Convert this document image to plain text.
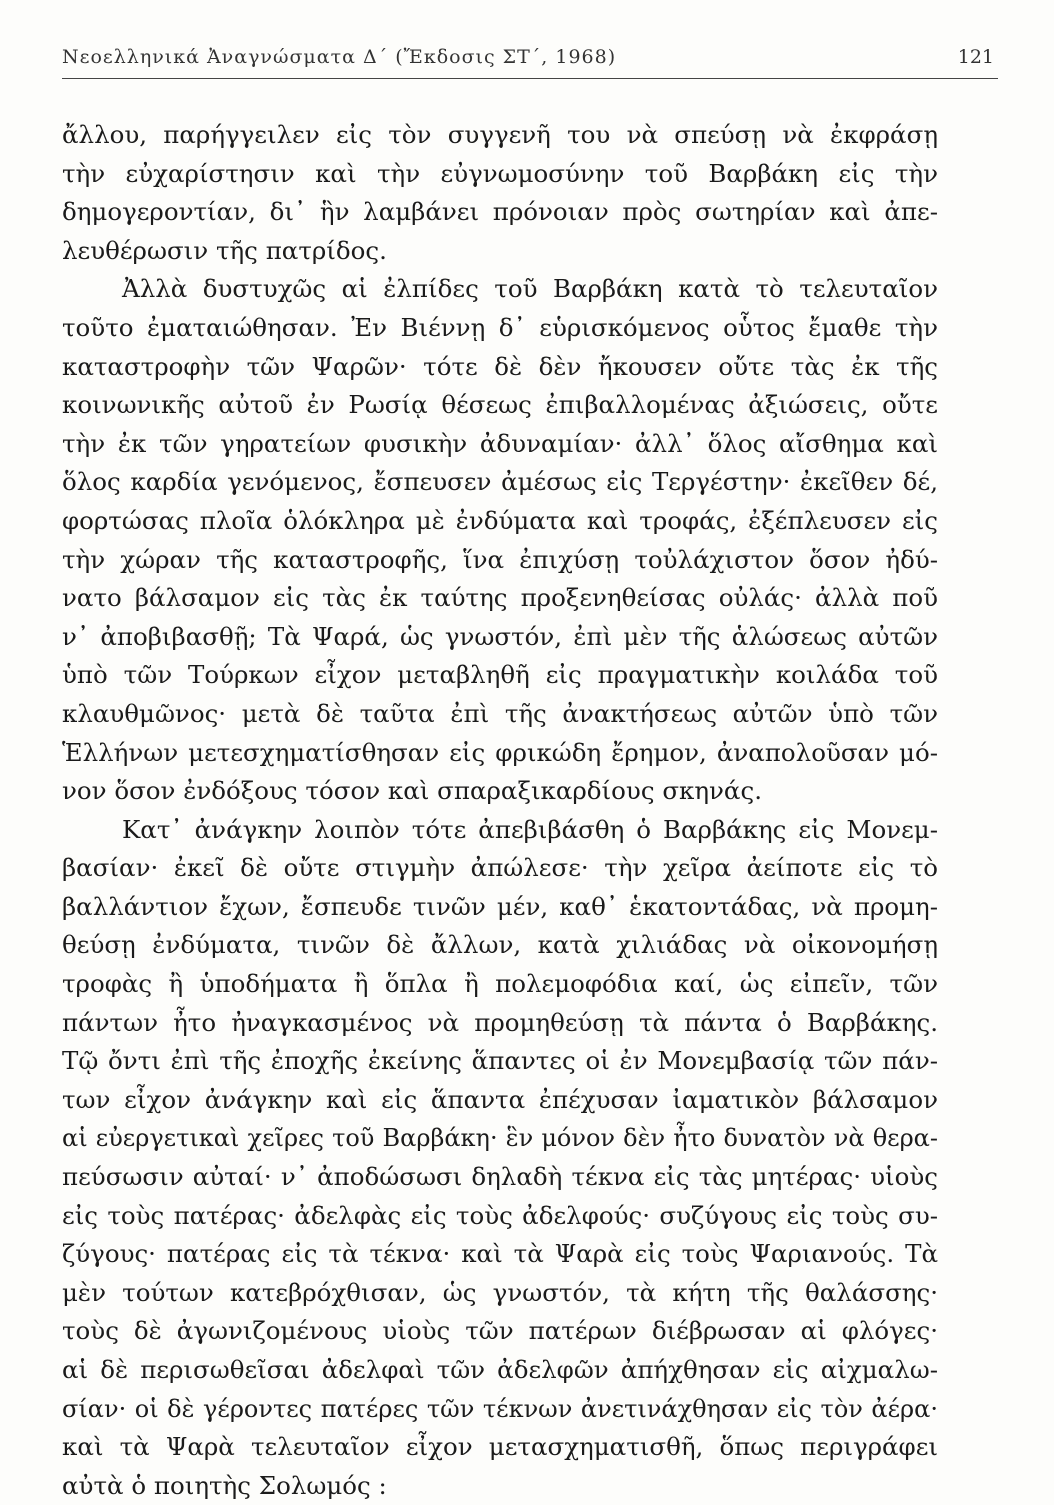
Νεοελληνικά Ἀναγνώσματα Δ΄ (Ἔκδοσις ΣΤ΄, 1968)	121
ἄλλου, παρήγγειλεν εἰς τὸν συγγενῆ του νὰ σπεύσῃ νὰ ἐκφράσῃ
τὴν εὐχαρίστησιν καὶ τὴν εὐγνωμοσύνην τοῦ Βαρβάκη εἰς τὴν
δημογεροντίαν, δι᾽ ἣν λαμβάνει πρόνοιαν πρὸς σωτηρίαν καὶ ἀπε-
λευθέρωσιν τῆς πατρίδος.
Ἀλλὰ δυστυχῶς αἱ ἐλπίδες τοῦ Βαρβάκη κατὰ τὸ τελευταῖον
τοῦτο ἐματαιώθησαν. Ἐν Βιέννῃ δ᾽ εὑρισκόμενος οὗτος ἔμαθε τὴν
καταστροφὴν τῶν Ψαρῶν· τότε δὲ δὲν ἤκουσεν οὔτε τὰς ἐκ τῆς
κοινωνικῆς αὐτοῦ ἐν Ρωσίᾳ θέσεως ἐπιβαλλομένας ἀξιώσεις, οὔτε
τὴν ἐκ τῶν γηρατείων φυσικὴν ἀδυναμίαν· ἀλλ᾽ ὅλος αἴσθημα καὶ
ὅλος καρδία γενόμενος, ἔσπευσεν ἀμέσως εἰς Τεργέστην· ἐκεῖθεν δέ,
φορτώσας πλοῖα ὁλόκληρα μὲ ἐνδύματα καὶ τροφάς, ἐξέπλευσεν εἰς
τὴν χώραν τῆς καταστροφῆς, ἵνα ἐπιχύσῃ τοὐλάχιστον ὅσον ἠδύ-
νατο βάλσαμον εἰς τὰς ἐκ ταύτης προξενηθείσας οὐλάς· ἀλλὰ ποῦ
ν᾽ ἀποβιβασθῇ; Τὰ Ψαρά, ὡς γνωστόν, ἐπὶ μὲν τῆς ἁλώσεως αὐτῶν
ὑπὸ τῶν Τούρκων εἶχον μεταβληθῆ εἰς πραγματικὴν κοιλάδα τοῦ
κλαυθμῶνος· μετὰ δὲ ταῦτα ἐπὶ τῆς ἀνακτήσεως αὐτῶν ὑπὸ τῶν
Ἑλλήνων μετεσχηματίσθησαν εἰς φρικώδη ἔρημον, ἀναπολοῦσαν μό-
νον ὅσον ἐνδόξους τόσον καὶ σπαραξικαρδίους σκηνάς.
Κατ᾽ ἀνάγκην λοιπὸν τότε ἀπεβιβάσθη ὁ Βαρβάκης εἰς Μονεμ-
βασίαν· ἐκεῖ δὲ οὔτε στιγμὴν ἀπώλεσε· τὴν χεῖρα ἀείποτε εἰς τὸ
βαλλάντιον ἔχων, ἔσπευδε τινῶν μέν, καθ᾽ ἑκατοντάδας, νὰ προμη-
θεύσῃ ἐνδύματα, τινῶν δὲ ἄλλων, κατὰ χιλιάδας νὰ οἰκονομήσῃ
τροφὰς ἢ ὑποδήματα ἢ ὅπλα ἢ πολεμοφόδια καί, ὡς εἰπεῖν, τῶν
πάντων ἦτο ἠναγκασμένος νὰ προμηθεύσῃ τὰ πάντα ὁ Βαρβάκης.
Τῷ ὄντι ἐπὶ τῆς ἐποχῆς ἐκείνης ἅπαντες οἱ ἐν Μονεμβασίᾳ τῶν πάν-
των εἶχον ἀνάγκην καὶ εἰς ἅπαντα ἐπέχυσαν ἰαματικὸν βάλσαμον
αἱ εὐεργετικαὶ χεῖρες τοῦ Βαρβάκη· ἓν μόνον δὲν ἦτο δυνατὸν νὰ θερα-
πεύσωσιν αὐταί· ν᾽ ἀποδώσωσι δηλαδὴ τέκνα εἰς τὰς μητέρας· υἱοὺς
εἰς τοὺς πατέρας· ἀδελφὰς εἰς τοὺς ἀδελφούς· συζύγους εἰς τοὺς συ-
ζύγους· πατέρας εἰς τὰ τέκνα· καὶ τὰ Ψαρὰ εἰς τοὺς Ψαριανούς. Τὰ
μὲν τούτων κατεβρόχθισαν, ὡς γνωστόν, τὰ κήτη τῆς θαλάσσης·
τοὺς δὲ ἀγωνιζομένους υἱοὺς τῶν πατέρων διέβρωσαν αἱ φλόγες·
αἱ δὲ περισωθεῖσαι ἀδελφαὶ τῶν ἀδελφῶν ἀπήχθησαν εἰς αἰχμαλω-
σίαν· οἱ δὲ γέροντες πατέρες τῶν τέκνων ἀνετινάχθησαν εἰς τὸν ἀέρα·
καὶ τὰ Ψαρὰ τελευταῖον εἶχον μετασχηματισθῆ, ὅπως περιγράφει
αὐτὰ ὁ ποιητὴς Σολωμός :
